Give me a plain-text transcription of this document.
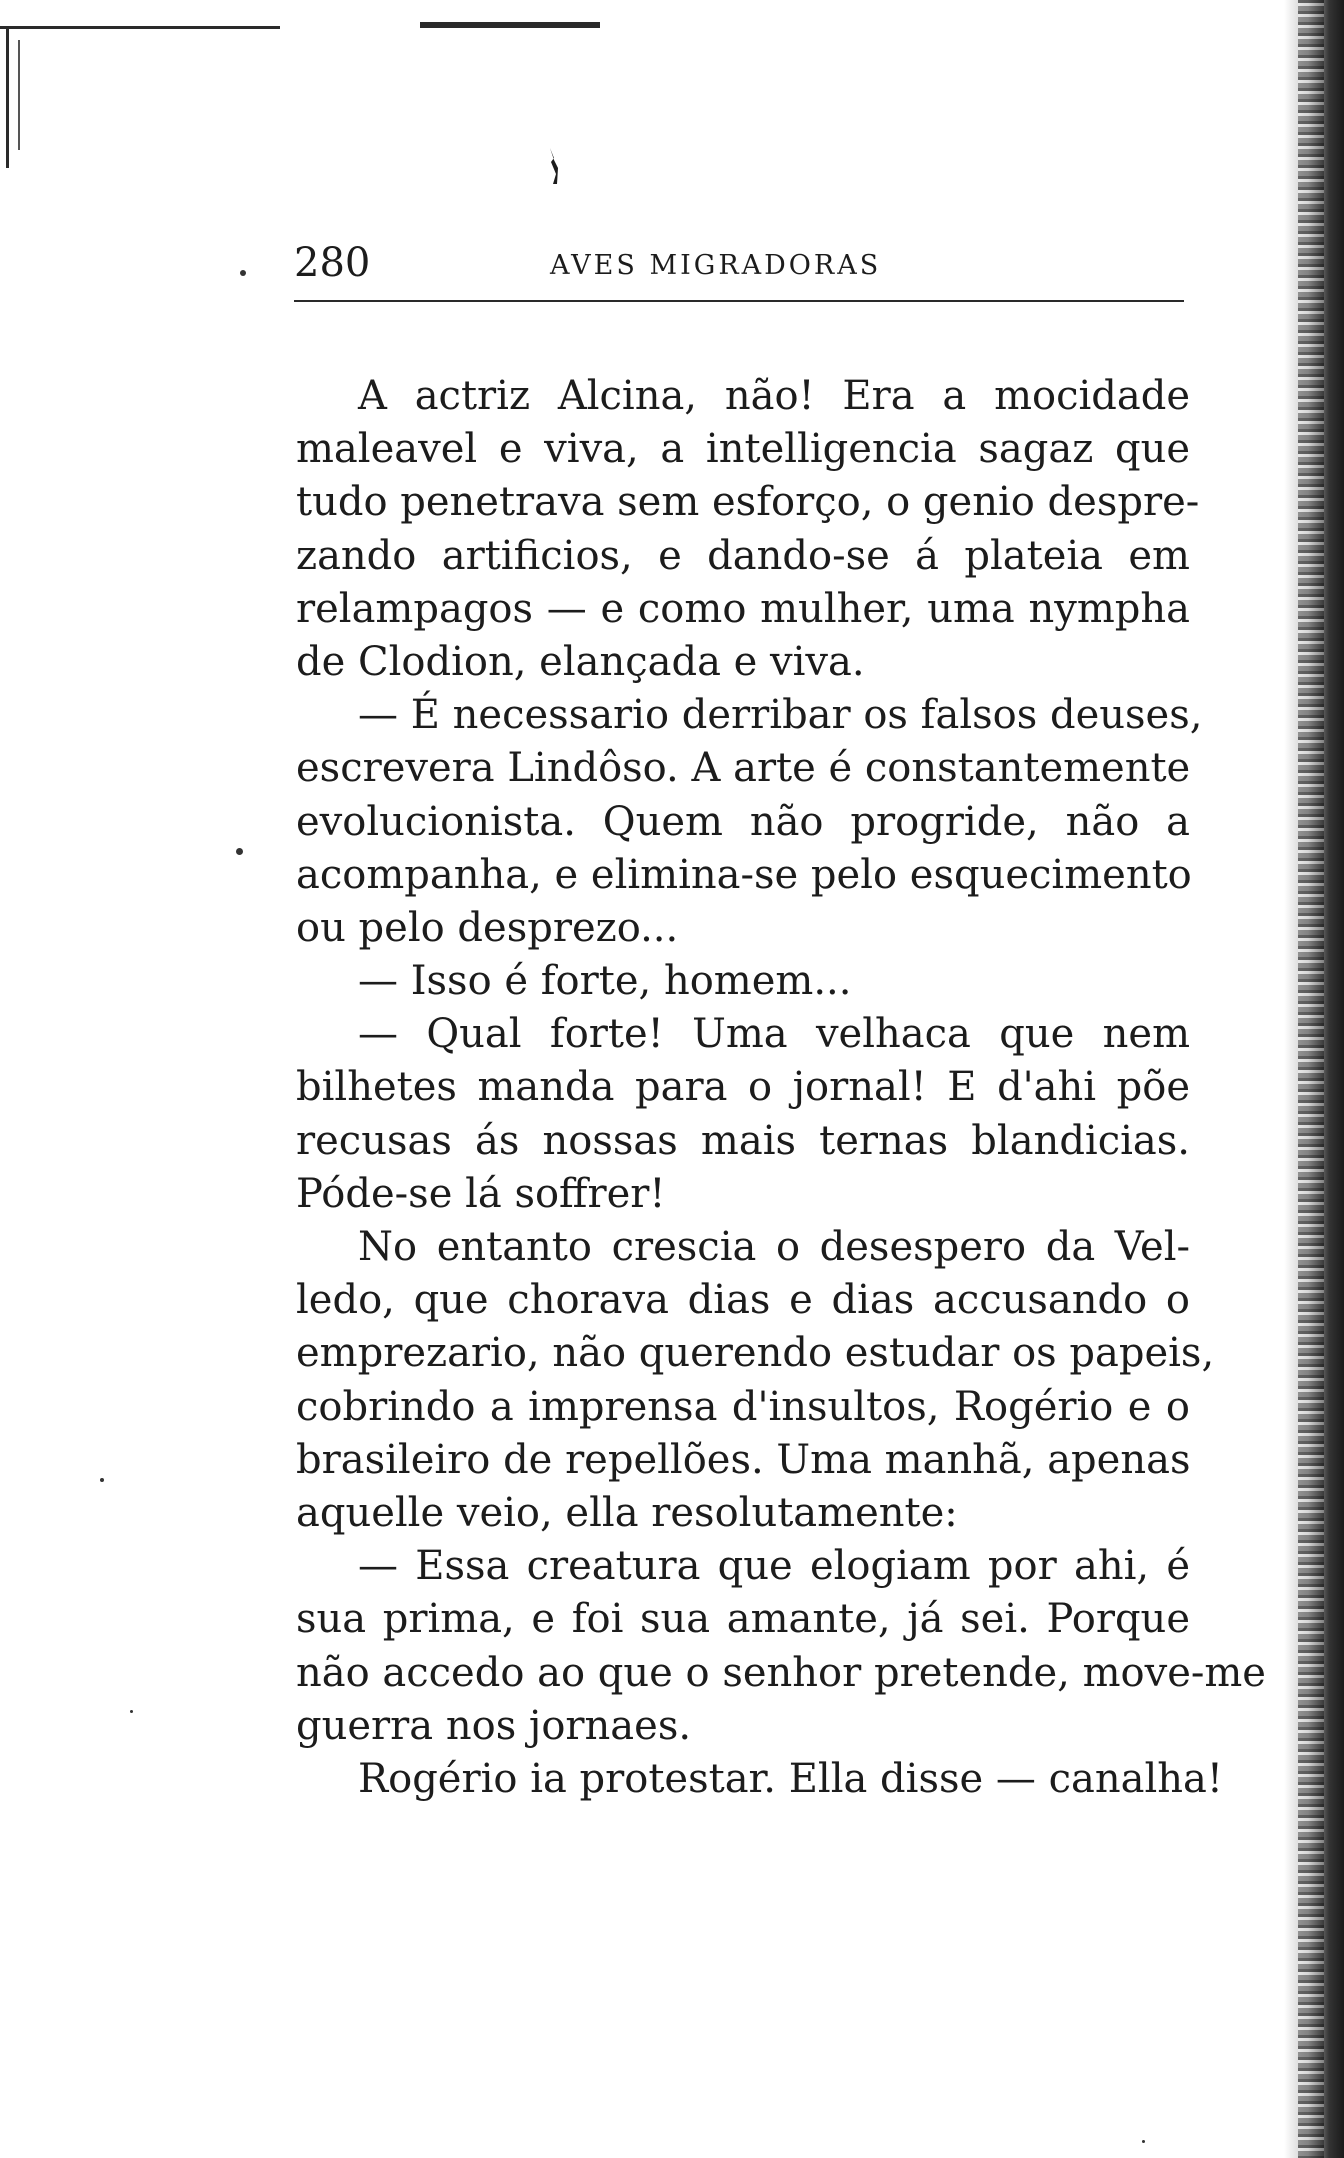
280	AVES MIGRADORAS
A actriz Alcina, não! Era a mocidade
maleavel e viva, a intelligencia sagaz que
tudo penetrava sem esforço, o genio despre-
zando artificios, e dando-se á plateia em
relampagos — e como mulher, uma nympha
de Clodion, elançada e viva.
— É necessario derribar os falsos deuses,
escrevera Lindôso. A arte é constantemente
evolucionista. Quem não progride, não a
acompanha, e elimina-se pelo esquecimento
ou pelo desprezo...
— Isso é forte, homem...
— Qual forte! Uma velhaca que nem
bilhetes manda para o jornal! E d'ahi põe
recusas ás nossas mais ternas blandicias.
Póde-se lá soffrer!
No entanto crescia o desespero da Vel-
ledo, que chorava dias e dias accusando o
emprezario, não querendo estudar os papeis,
cobrindo a imprensa d'insultos, Rogério e o
brasileiro de repellões. Uma manhã, apenas
aquelle veio, ella resolutamente:
— Essa creatura que elogiam por ahi, é
sua prima, e foi sua amante, já sei. Porque
não accedo ao que o senhor pretende, move-me
guerra nos jornaes.
Rogério ia protestar. Ella disse — canalha!
